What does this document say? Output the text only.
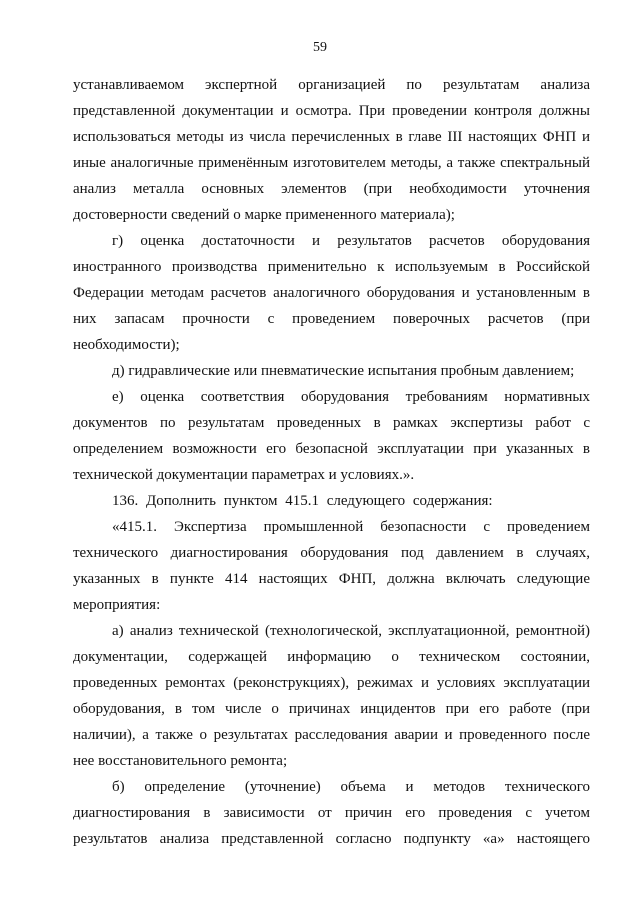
59
устанавливаемом экспертной организацией по результатам анализа
представленной документации и осмотра. При проведении контроля должны
использоваться методы из числа перечисленных в главе III настоящих ФНП и
иные аналогичные применённым изготовителем методы, а также спектральный
анализ металла основных элементов (при необходимости уточнения
достоверности сведений о марке примененного материала);
г) оценка достаточности и результатов расчетов оборудования
иностранного производства применительно к используемым в Российской
Федерации методам расчетов аналогичного оборудования и установленным в
них запасам прочности с проведением поверочных расчетов (при
необходимости);
д) гидравлические или пневматические испытания пробным давлением;
е) оценка соответствия оборудования требованиям нормативных
документов по результатам проведенных в рамках экспертизы работ с
определением возможности его безопасной эксплуатации при указанных в
технической документации параметрах и условиях.».
136. Дополнить пунктом 415.1 следующего содержания:
«415.1. Экспертиза промышленной безопасности с проведением
технического диагностирования оборудования под давлением в случаях,
указанных в пункте 414 настоящих ФНП, должна включать следующие
мероприятия:
а) анализ технической (технологической, эксплуатационной, ремонтной)
документации, содержащей информацию о техническом состоянии,
проведенных ремонтах (реконструкциях), режимах и условиях эксплуатации
оборудования, в том числе о причинах инцидентов при его работе (при
наличии), а также о результатах расследования аварии и проведенного после
нее восстановительного ремонта;
б) определение (уточнение) объема и методов технического
диагностирования в зависимости от причин его проведения с учетом
результатов анализа представленной согласно подпункту «а» настоящего
